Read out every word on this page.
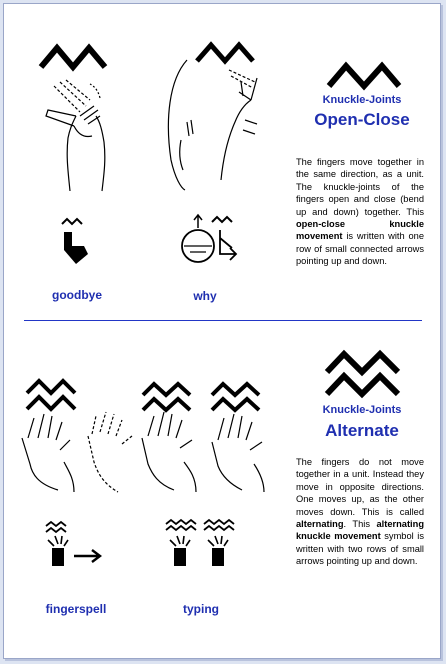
goodbye	why
Knuckle-Joints
Open-Close
The fingers move together in the same direction, as a unit. The knuckle-joints of the fingers open and close (bend up and down) together. This open-close knuckle movement is written with one row of small connected arrows pointing up and down.
fingerspell	typing
Knuckle-Joints
Alternate
The fingers do not move together in a unit. Instead they move in opposite directions. One moves up, as the other moves down. This is called alternating. This alternating knuckle movement symbol is written with two rows of small arrows pointing up and down.
